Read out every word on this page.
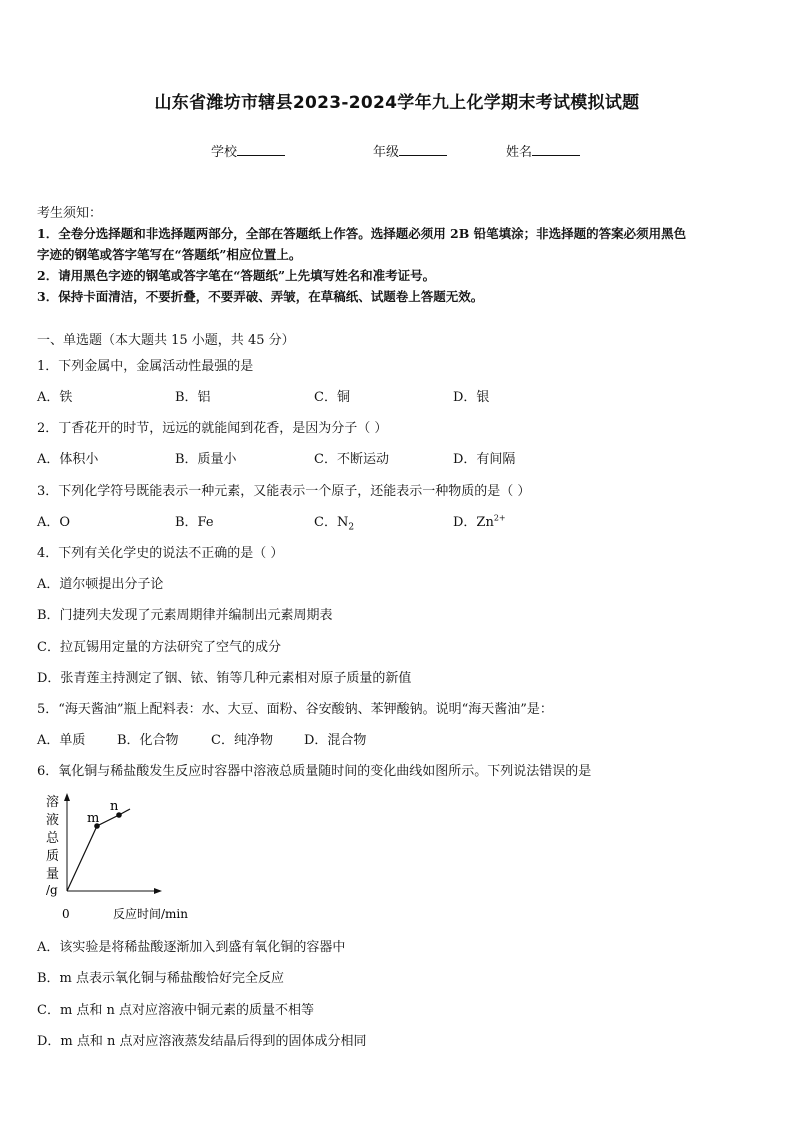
山东省潍坊市辖县2023-2024学年九上化学期末考试模拟试题
学校	年级	姓名
考生须知：
1．全卷分选择题和非选择题两部分，全部在答题纸上作答。选择题必须用 2B 铅笔填涂；非选择题的答案必须用黑色
字迹的钢笔或答字笔写在“答题纸”相应位置上。
2．请用黑色字迹的钢笔或答字笔在“答题纸”上先填写姓名和准考证号。
3．保持卡面清洁，不要折叠，不要弄破、弄皱，在草稿纸、试题卷上答题无效。
一、单选题（本大题共 15 小题，共 45 分）
1．下列金属中，金属活动性最强的是
A．铁	B．铝	C．铜	D．银
2．丁香花开的时节，远远的就能闻到花香，是因为分子（ ）
A．体积小	B．质量小	C．不断运动	D．有间隔
3．下列化学符号既能表示一种元素，又能表示一个原子，还能表示一种物质的是（ ）
A．O	B．Fe	C．$N_2$	D．$Zn^{2+}$
4．下列有关化学史的说法不正确的是（ ）
A．道尔顿提出分子论
B．门捷列夫发现了元素周期律并编制出元素周期表
C．拉瓦锡用定量的方法研究了空气的成分
D．张青莲主持测定了铟、铱、铕等几种元素相对原子质量的新值
5．“海天酱油”瓶上配料表：水、大豆、面粉、谷安酸钠、苯钾酸钠。说明“海天酱油”是：
A．单质 B．化合物 C．纯净物 D．混合物
6．氧化铜与稀盐酸发生反应时容器中溶液总质量随时间的变化曲线如图所示。下列说法错误的是
m
n
溶
液
总
质
量
/g
0	反应时间/min
A．该实验是将稀盐酸逐渐加入到盛有氧化铜的容器中
B．m 点表示氧化铜与稀盐酸恰好完全反应
C．m 点和 n 点对应溶液中铜元素的质量不相等
D．m 点和 n 点对应溶液蒸发结晶后得到的固体成分相同
